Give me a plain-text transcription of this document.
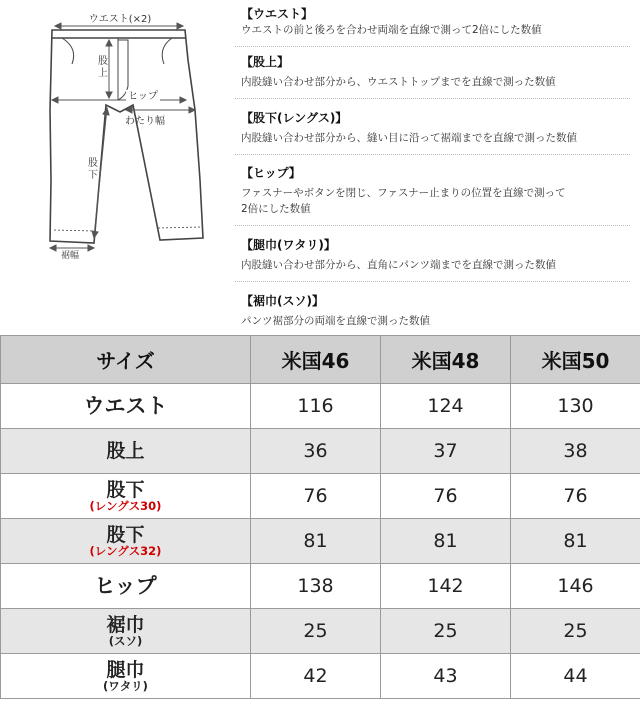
ウエスト(×2)
股
上
ヒップ
わたり幅
股
下
裾幅
【ウエスト】
ウエストの前と後ろを合わせ両端を直線で測って2倍にした数値
【股上】
内股縫い合わせ部分から、ウエストトップまでを直線で測った数値
【股下(レングス)】
内股縫い合わせ部分から、縫い目に沿って裾端までを直線で測った数値
【ヒップ】
ファスナーやボタンを閉じ、ファスナー止まりの位置を直線で測って
2倍にした数値
【腿巾(ワタリ)】
内股縫い合わせ部分から、直角にパンツ端までを直線で測った数値
【裾巾(スソ)】
パンツ裾部分の両端を直線で測った数値
サイズ	米国46	米国48	米国50
ウエスト	116	124	130
股上	36	37	38
股下
(レングス30)	76	76	76
股下
(レングス32)	81	81	81
ヒップ	138	142	146
裾巾
(スソ)	25	25	25
腿巾
(ワタリ)	42	43	44
